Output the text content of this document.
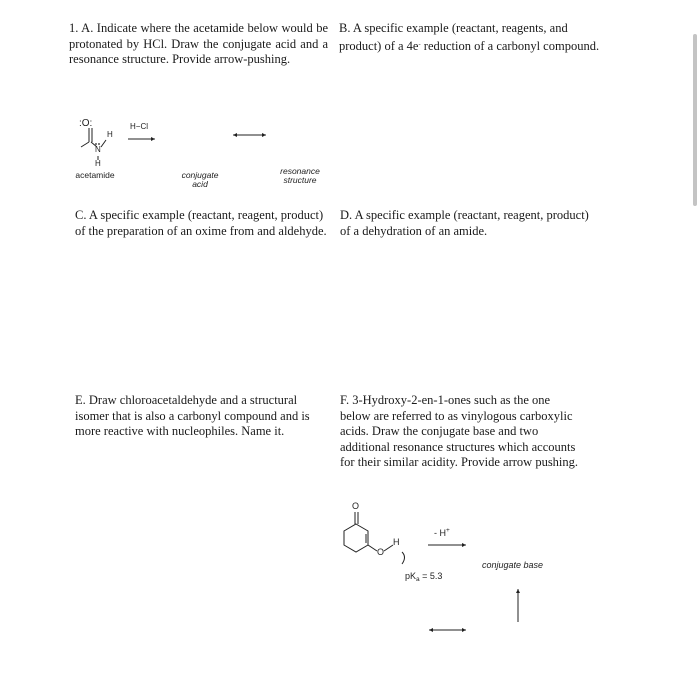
1. A. Indicate where the acetamide below would be protonated by HCl. Draw the conjugate acid and a resonance structure. Provide arrow-pushing.

B. A specific example (reactant, reagents, and product) of a 4e- reduction of a carbonyl compound.

C. A specific example (reactant, reagent, product) of the preparation of an oxime from and aldehyde.

D. A specific example (reactant, reagent, product) of a dehydration of an amide.

E. Draw chloroacetaldehyde and a structural isomer that is also a carbonyl compound and is more reactive with nucleophiles. Name it.

F. 3-Hydroxy-2-en-1-ones such as the one below are referred to as vinylogous carboxylic acids. Draw the conjugate base and two additional resonance structures which accounts for their similar acidity. Provide arrow pushing.

:O:
N
H
H
H−Cl
acetamide	conjugate
acid
resonance
structure
O
O
H
- H+
$pK_a = 5.3$
conjugate base
